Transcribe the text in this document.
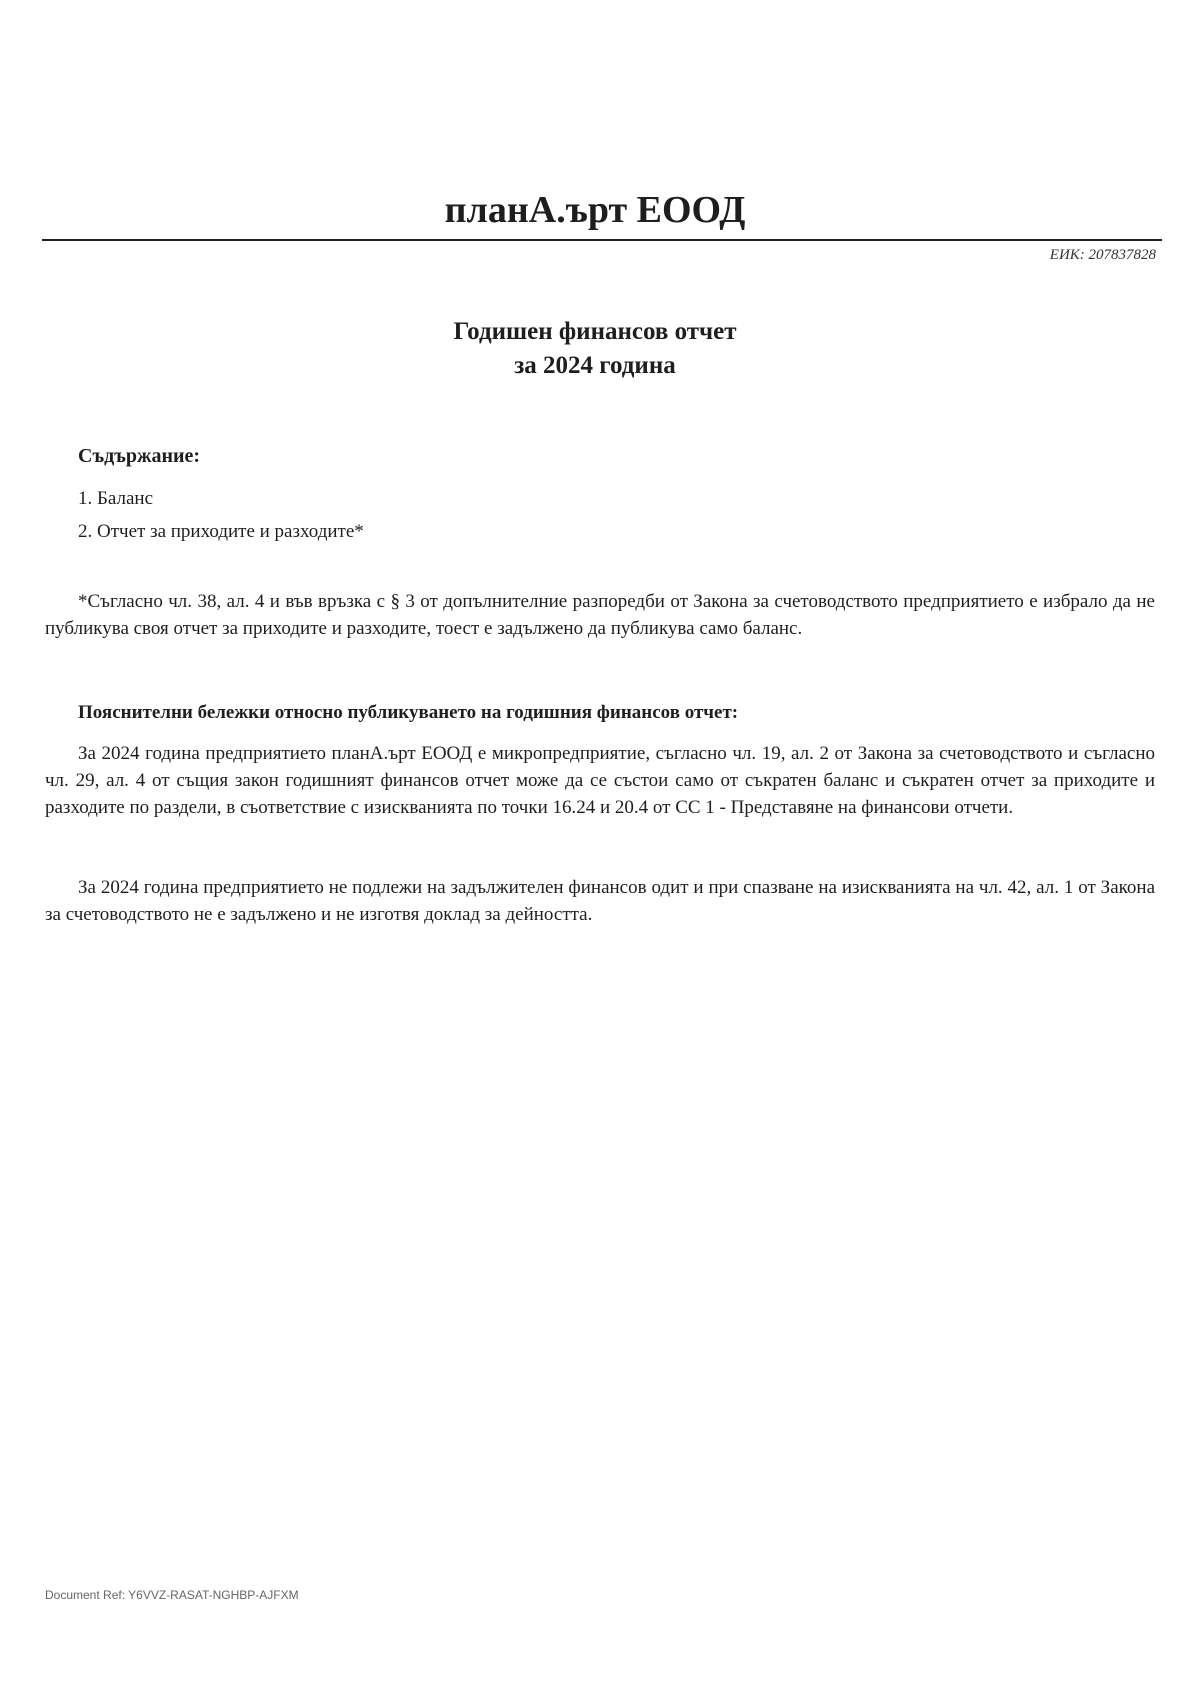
планА.ърт ЕООД
ЕИК: 207837828
Годишен финансов отчет
за 2024 година
Съдържание:
1. Баланс
2. Отчет за приходите и разходите*

*Съгласно чл. 38, ал. 4 и във връзка с § 3 от допълнителние разпоредби от Закона за счетоводството предприятието е избрало да не публикува своя отчет за приходите и разходите, тоест е задължено да публикува само баланс.

Пояснителни бележки относно публикуването на годишния финансов отчет:

За 2024 година предприятието планА.ърт ЕООД е микропредприятие, съгласно чл. 19, ал. 2 от Закона за счетоводството и съгласно чл. 29, ал. 4 от същия закон годишният финансов отчет може да се състои само от съкратен баланс и съкратен отчет за приходите и разходите по раздели, в съответствие с изискванията по точки 16.24 и 20.4 от СС 1 - Представяне на финансови отчети.

За 2024 година предприятието не подлежи на задължителен финансов одит и при спазване на изискванията на чл. 42, ал. 1 от Закона за счетоводството не е задължено и не изготвя доклад за дейността.

Document Ref: Y6VVZ-RASAT-NGHBP-AJFXM
